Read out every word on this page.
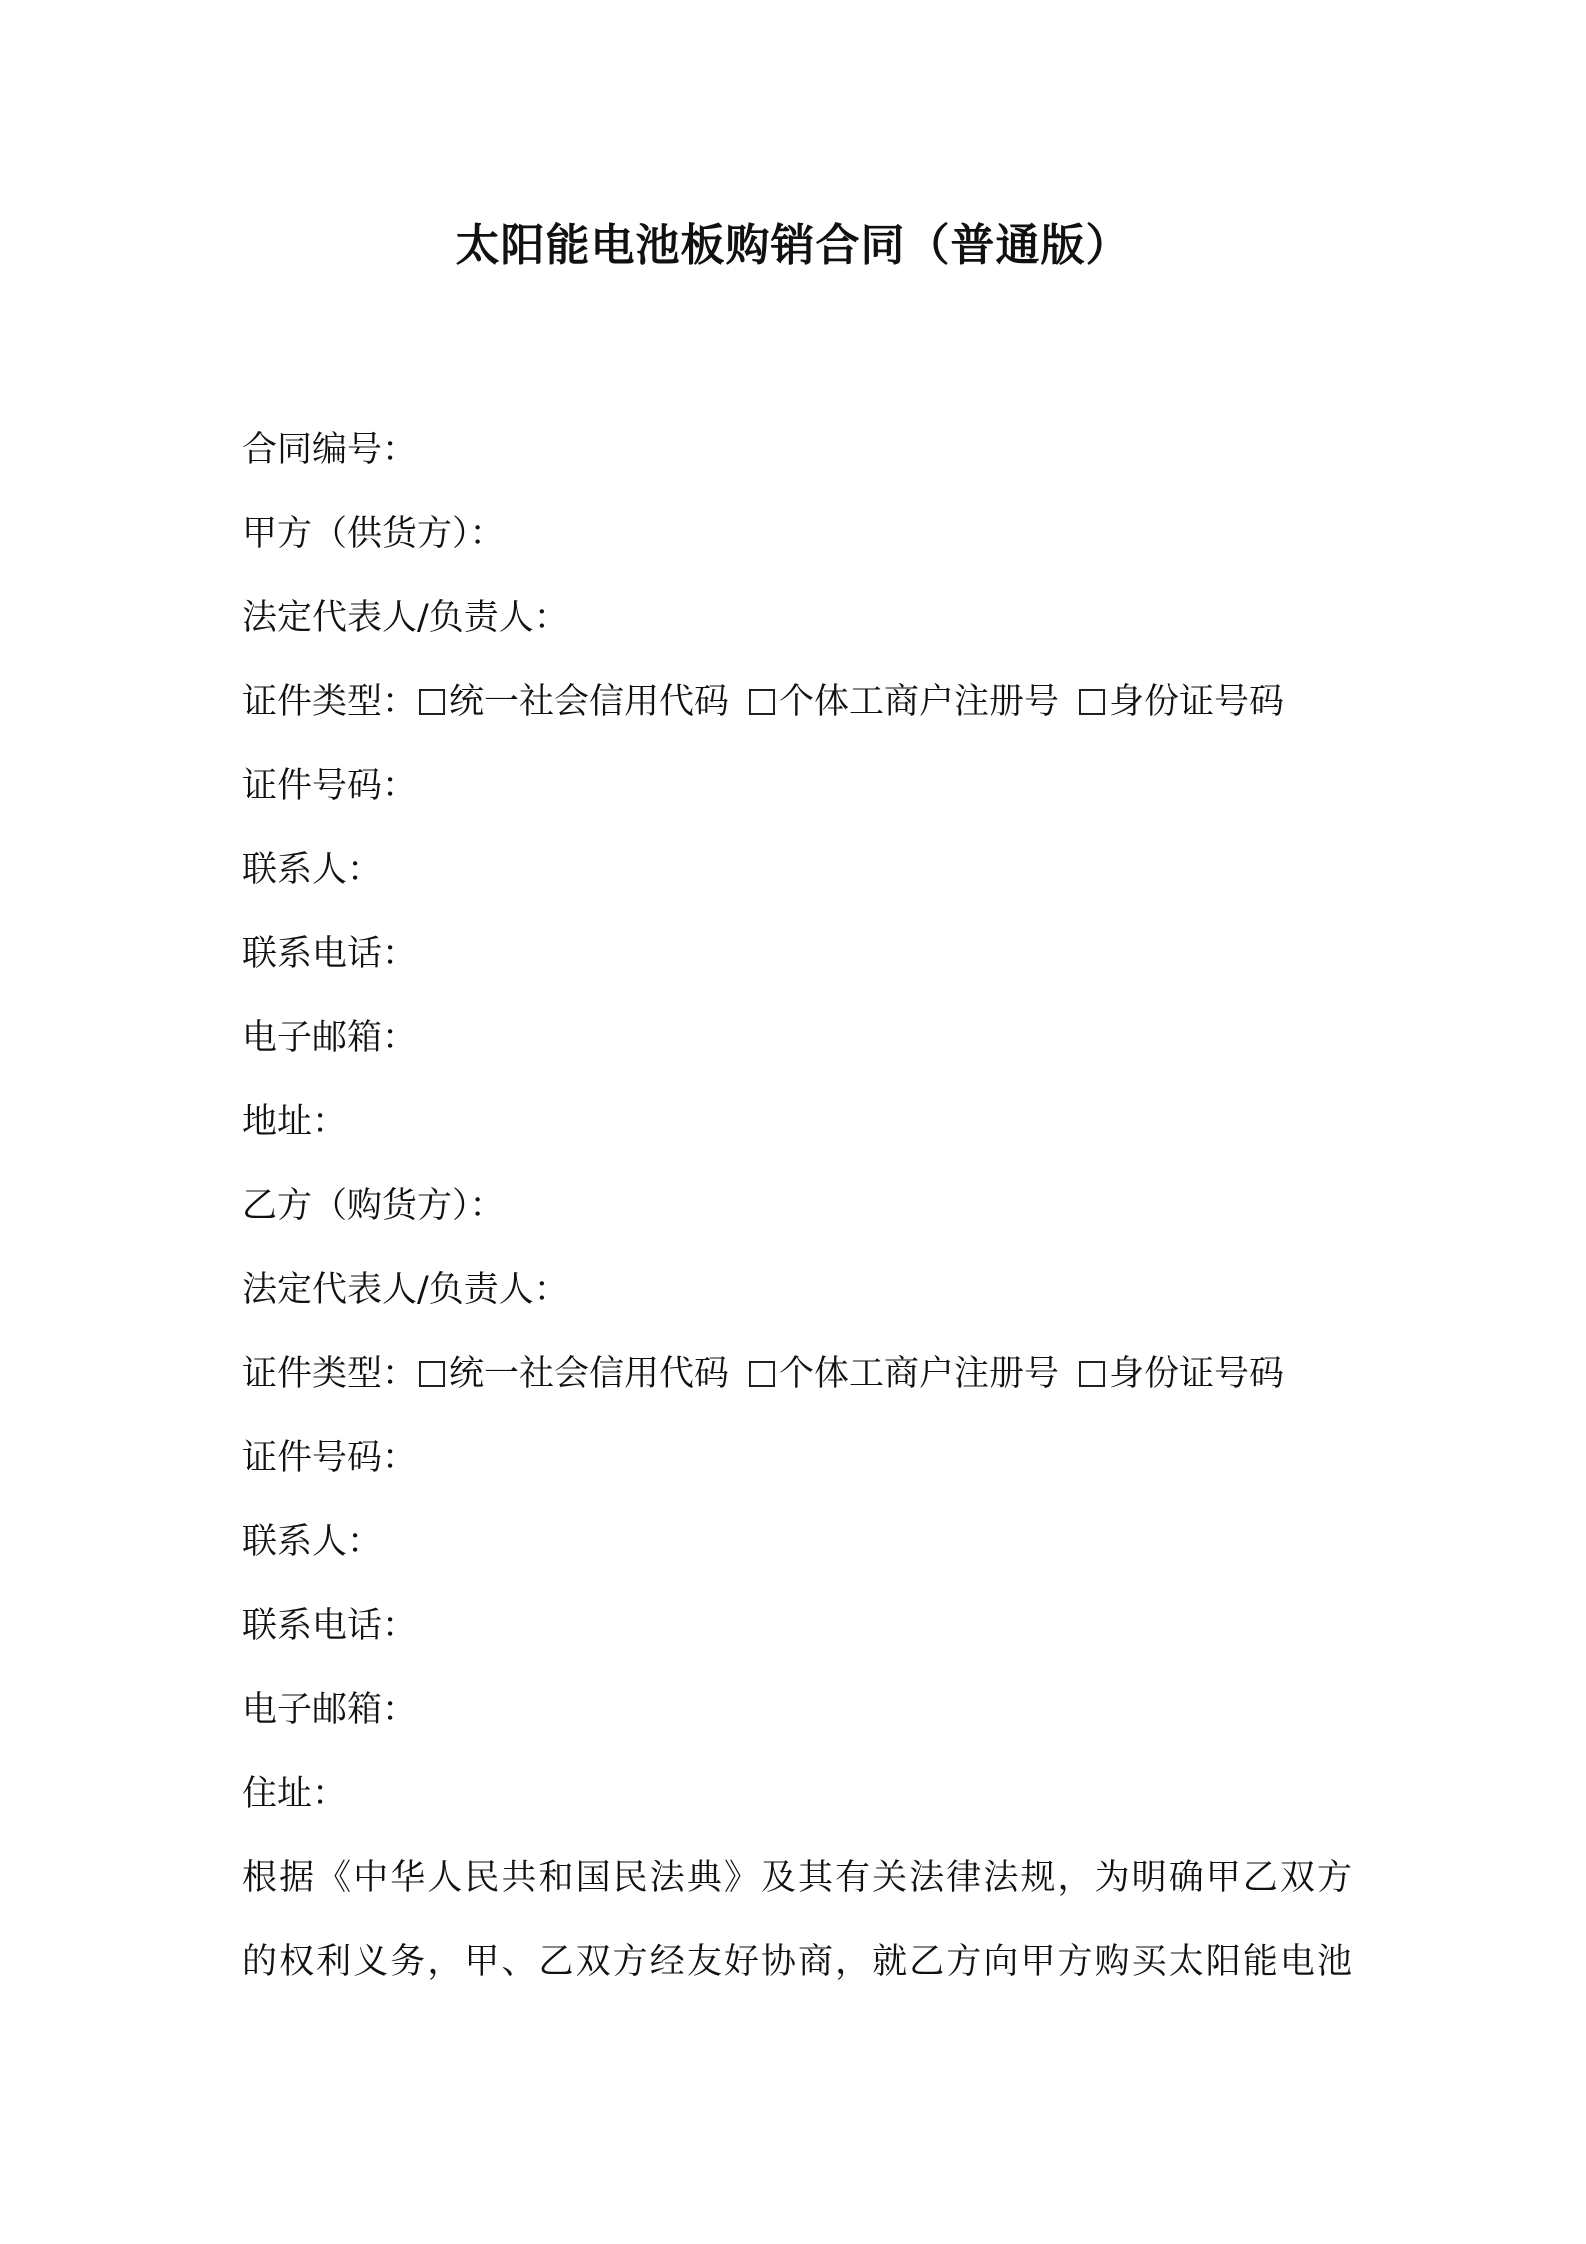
太阳能电池板购销合同（普通版）
合同编号：
甲方（供货方）：
法定代表人/负责人：
证件类型： 统一社会信用代码 个体工商户注册号 身份证号码
证件号码：
联系人：
联系电话：
电子邮箱：
地址：
乙方（购货方）：
法定代表人/负责人：
证件类型： 统一社会信用代码 个体工商户注册号 身份证号码
证件号码：
联系人：
联系电话：
电子邮箱：
住址：
根据《中华人民共和国民法典》及其有关法律法规，为明确甲乙双方
的权利义务，甲、乙双方经友好协商，就乙方向甲方购买太阳能电池
